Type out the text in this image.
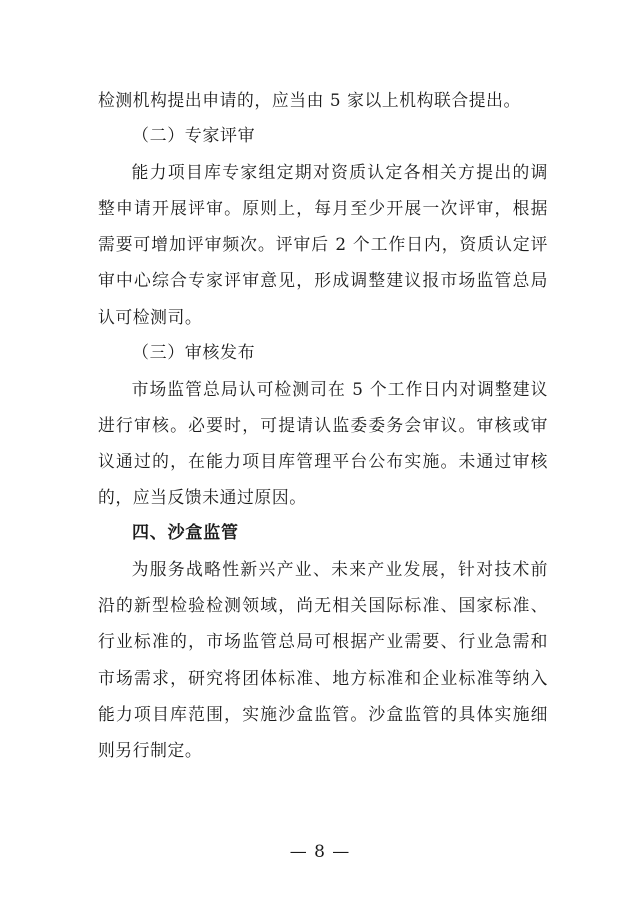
检测机构提出申请的，应当由 5 家以上机构联合提出。

（二）专家评审

能力项目库专家组定期对资质认定各相关方提出的调整申请开展评审。原则上，每月至少开展一次评审，根据需要可增加评审频次。评审后 2 个工作日内，资质认定评审中心综合专家评审意见，形成调整建议报市场监管总局认可检测司。

（三）审核发布

市场监管总局认可检测司在 5 个工作日内对调整建议进行审核。必要时，可提请认监委委务会审议。审核或审议通过的，在能力项目库管理平台公布实施。未通过审核的，应当反馈未通过原因。

四、沙盒监管

为服务战略性新兴产业、未来产业发展，针对技术前沿的新型检验检测领域，尚无相关国际标准、国家标准、行业标准的，市场监管总局可根据产业需要、行业急需和市场需求，研究将团体标准、地方标准和企业标准等纳入能力项目库范围，实施沙盒监管。沙盒监管的具体实施细则另行制定。

— 8 —
